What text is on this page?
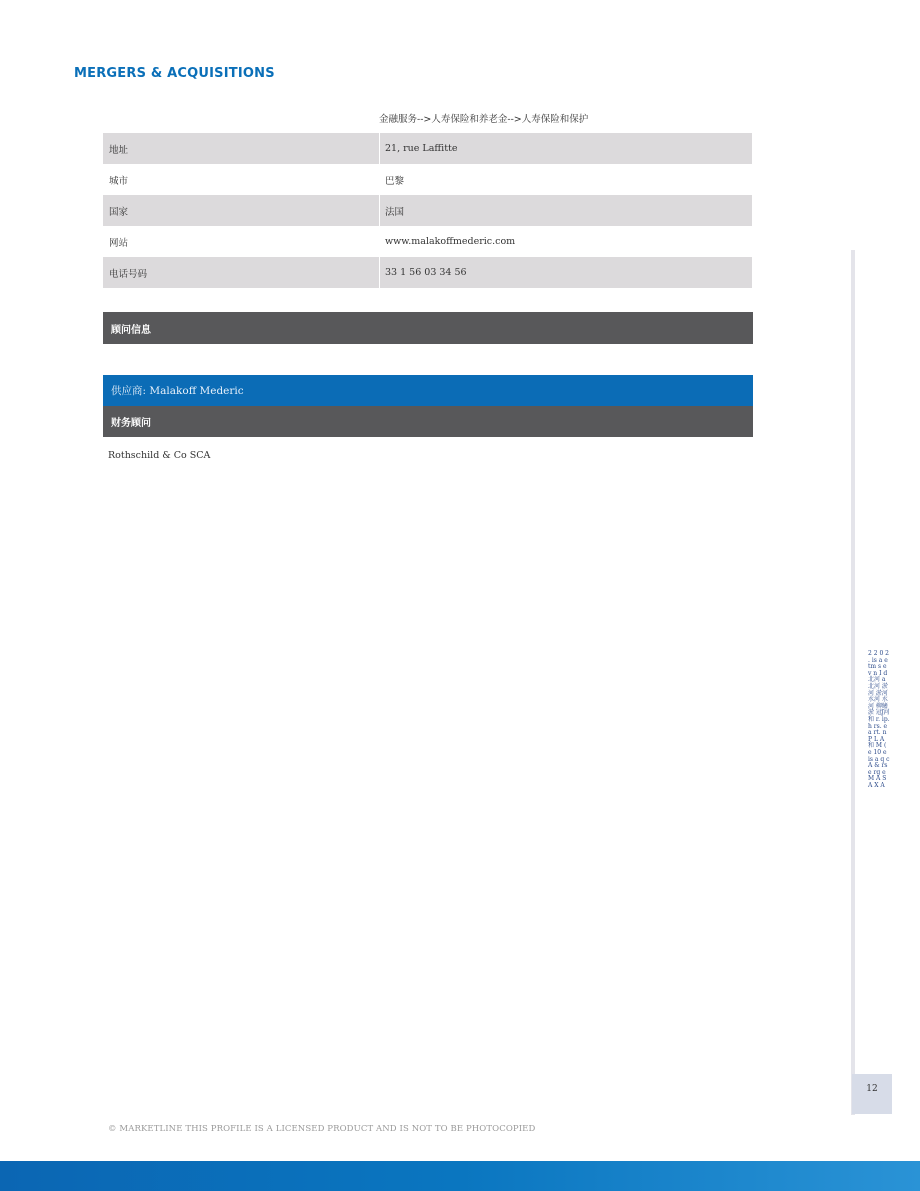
MERGERS & ACQUISITIONS
金融服务-->人寿保险和养老金-->人寿保险和保护
地址	21, rue Laffitte
城市	巴黎
国家	法国
网站	www.malakoffmederic.com
电话号码	33 1 56 03 34 56
顾问信息
供应商: Malakoff Mederic
财务顾问
Rothschild & Co SCA
2 2 0 2 . is a e tm s e v n I d 北河 a 北河 淤河 淤河 水河 水河 柳鳍淤 冠ʃ河 和 r. ip. h rs. e a rt. n P L A 和 M ( e 10 e is a q c A & rs e rg e M A S A X A
12
© MARKETLINE THIS PROFILE IS A LICENSED PRODUCT AND IS NOT TO BE PHOTOCOPIED
